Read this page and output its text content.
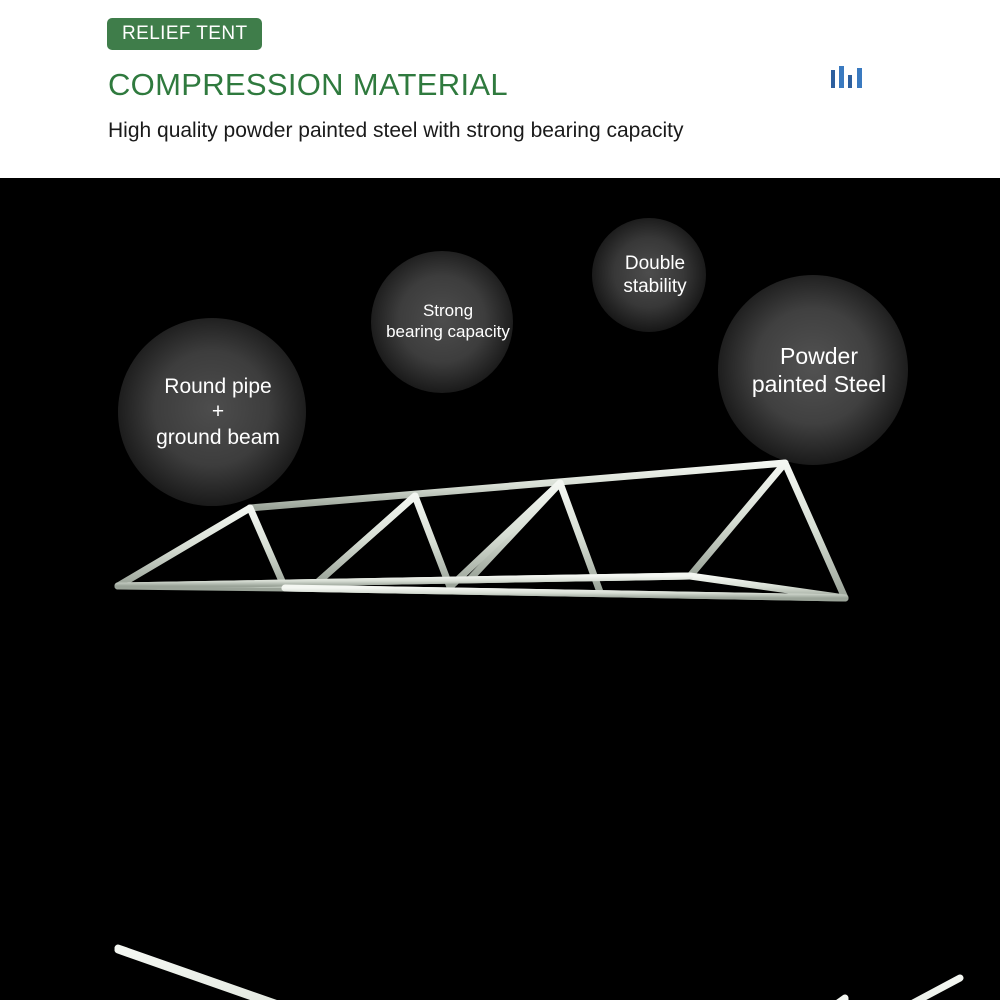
RELIEF TENT
COMPRESSION MATERIAL
High quality powder painted steel with strong bearing capacity
Round pipe
+
ground beam
Strong
bearing capacity
Double
stability
Powder
painted Steel
